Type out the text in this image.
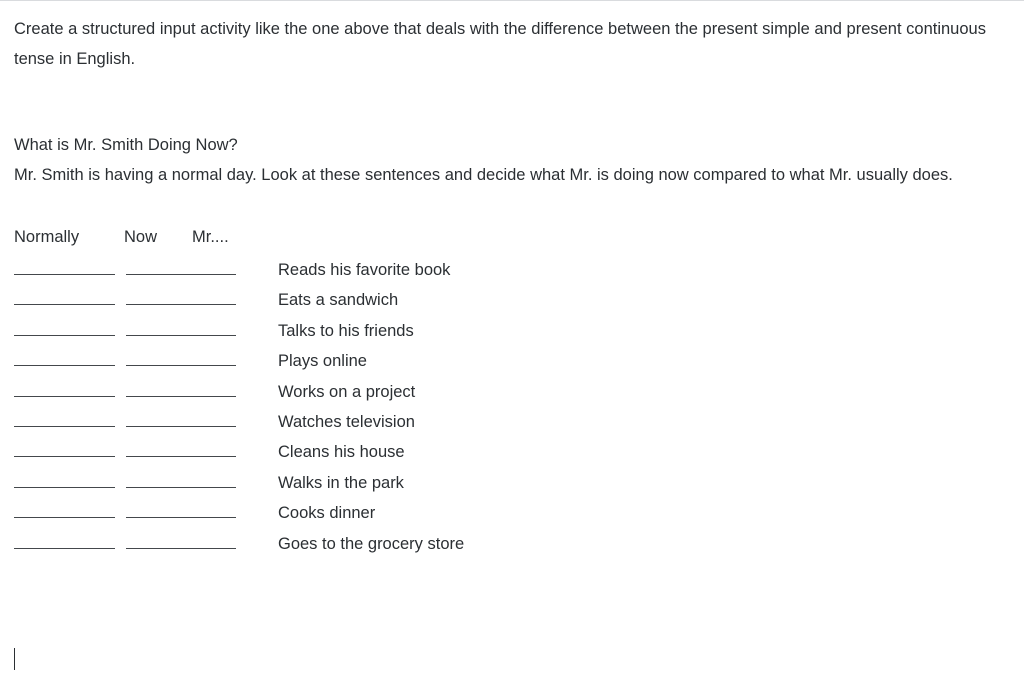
Create a structured input activity like the one above that deals with the difference between the present simple and present continuous tense in English.
What is Mr. Smith Doing Now?
Mr. Smith is having a normal day. Look at these sentences and decide what Mr. is doing now compared to what Mr. usually does.
Normally	Now	Mr....
Reads his favorite book
Eats a sandwich
Talks to his friends
Plays online
Works on a project
Watches television
Cleans his house
Walks in the park
Cooks dinner
Goes to the grocery store
